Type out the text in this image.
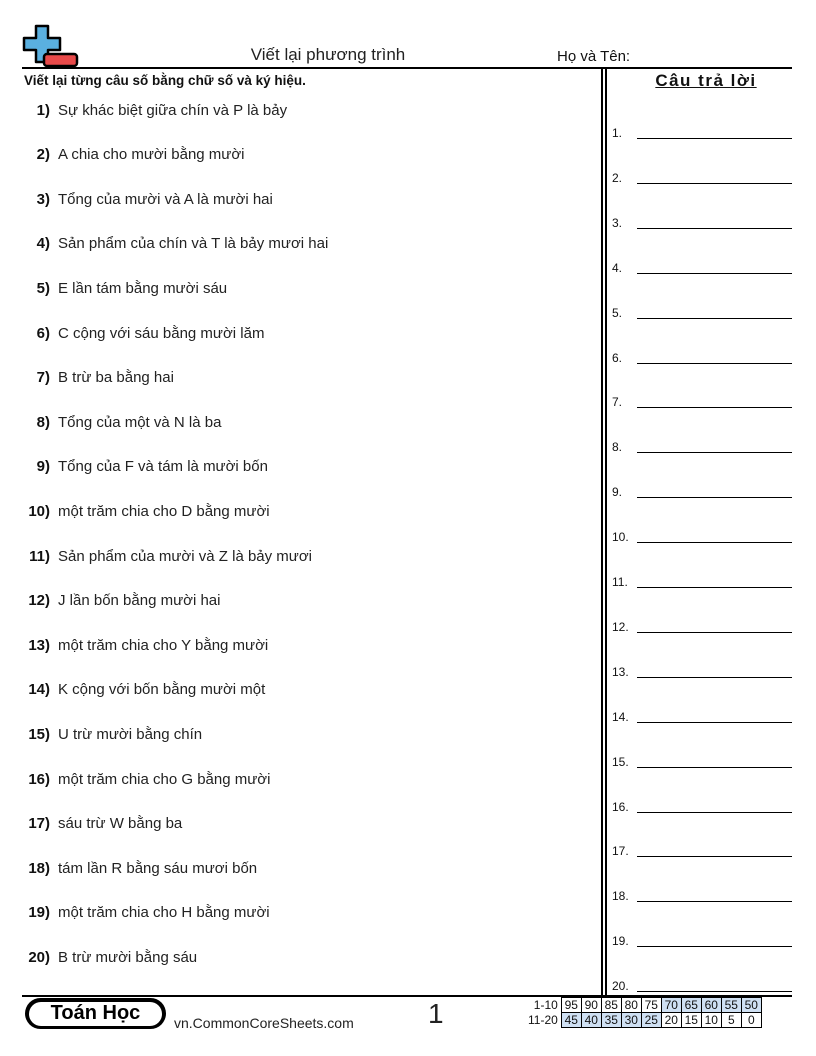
Viết lại phương trình	Họ và Tên:
Viết lại từng câu số bằng chữ số và ký hiệu.
1) Sự khác biệt giữa chín và P là bảy
2) A chia cho mười bằng mười
3) Tổng của mười và A là mười hai
4) Sản phẩm của chín và T là bảy mươi hai
5) E lần tám bằng mười sáu
6) C cộng với sáu bằng mười lăm
7) B trừ ba bằng hai
8) Tổng của một và N là ba
9) Tổng của F và tám là mười bốn
10) một trăm chia cho D bằng mười
11) Sản phẩm của mười và Z là bảy mươi
12) J lần bốn bằng mười hai
13) một trăm chia cho Y bằng mười
14) K cộng với bốn bằng mười một
15) U trừ mười bằng chín
16) một trăm chia cho G bằng mười
17) sáu trừ W bằng ba
18) tám lần R bằng sáu mươi bốn
19) một trăm chia cho H bằng mười
20) B trừ mười bằng sáu
Câu trả lời
1.
2.
3.
4.
5.
6.
7.
8.
9.
10.
11.
12.
13.
14.
15.
16.
17.
18.
19.
20.
Toán Học	vn.CommonCoreSheets.com	1	1-10	95	90	85	80	75	70	65	60	55	50
11-20	45	40	35	30	25	20	15	10	5	0
